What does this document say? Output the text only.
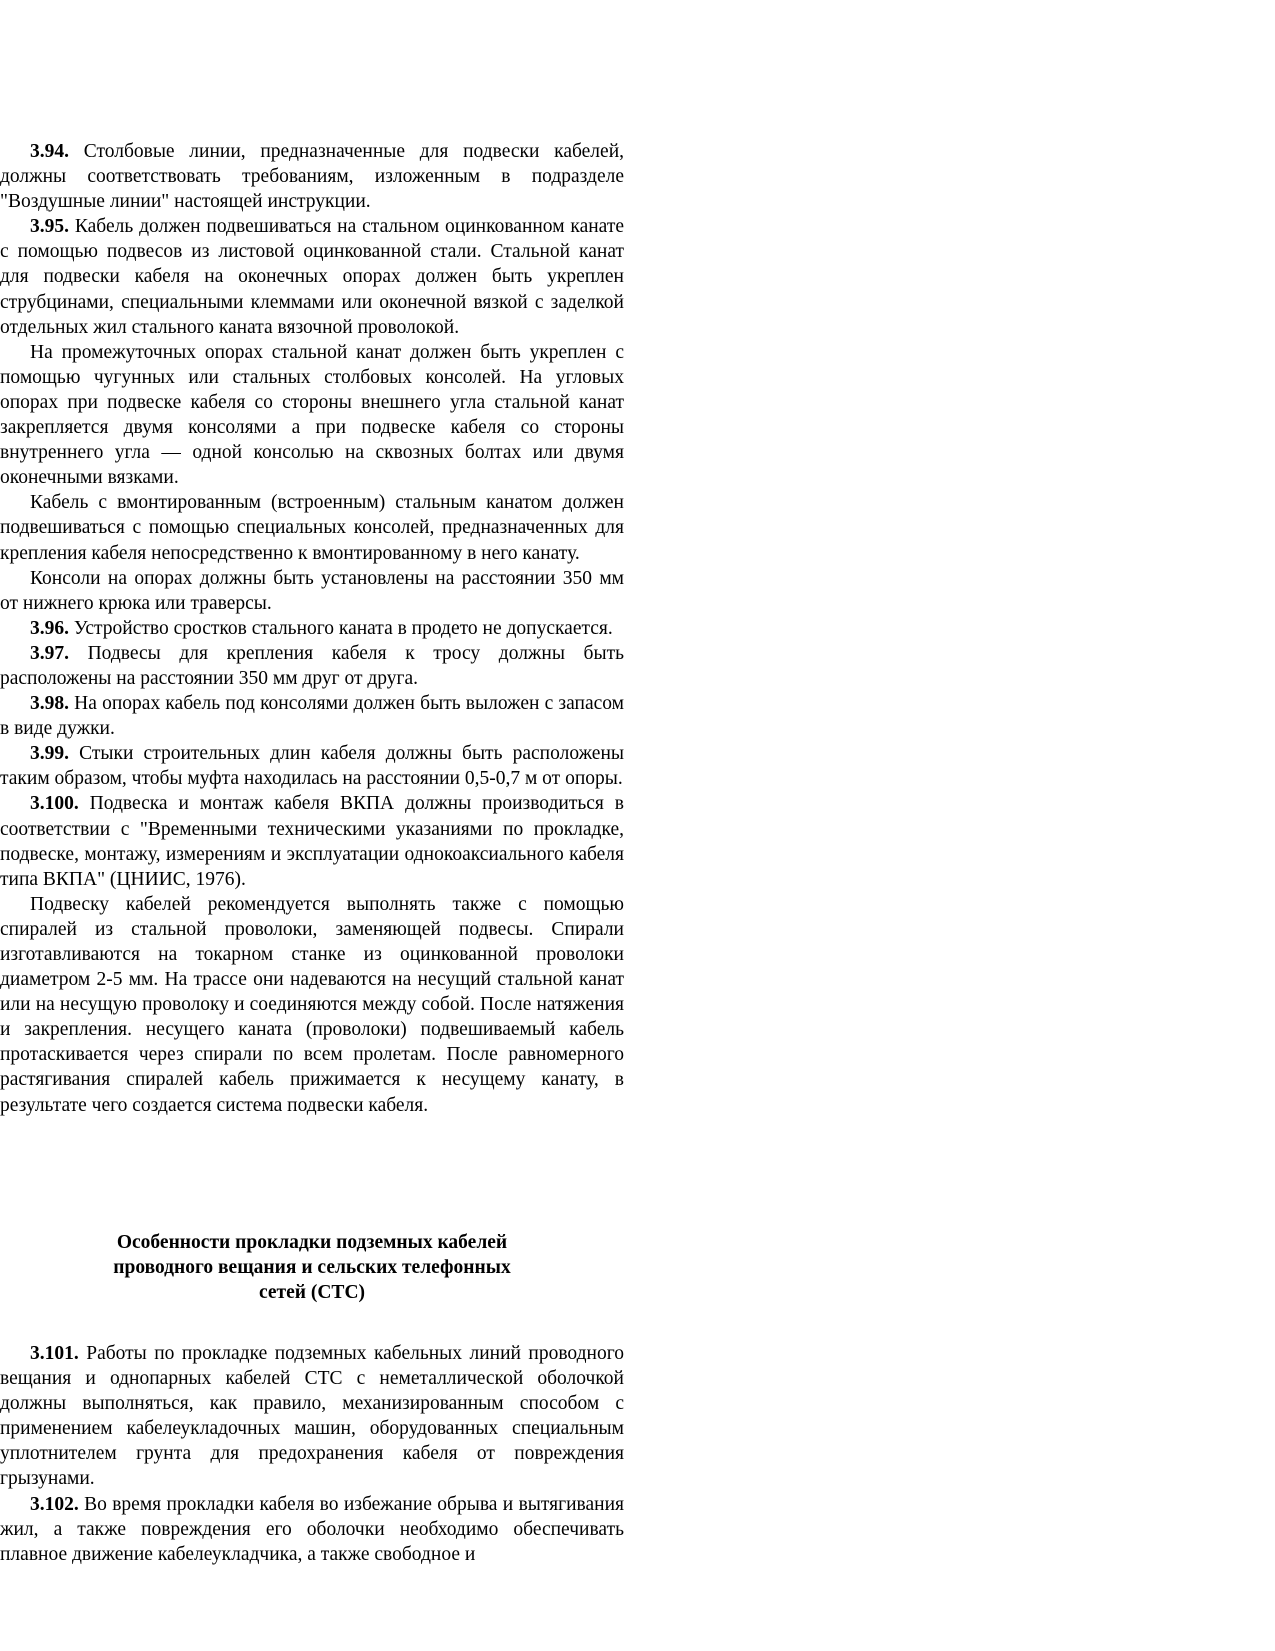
3.94. Столбовые линии, предназначенные для подвески кабелей, должны соответствовать требованиям, изложенным в подразделе "Воздушные линии" настоящей инструкции.

3.95. Кабель должен подвешиваться на стальном оцинкованном канате с помощью подвесов из листовой оцинкованной стали. Стальной канат для подвески кабеля на оконечных опорах должен быть укреплен струбцинами, специальными клеммами или оконечной вязкой с заделкой отдельных жил стального каната вязочной проволокой.

На промежуточных опорах стальной канат должен быть укреплен с помощью чугунных или стальных столбовых консолей. На угловых опорах при подвеске кабеля со стороны внешнего угла стальной канат закрепляется двумя консолями а при подвеске кабеля со стороны внутреннего угла — одной консолью на сквозных болтах или двумя оконечными вязками.

Кабель с вмонтированным (встроенным) стальным канатом должен подвешиваться с помощью специальных консолей, предназначенных для крепления кабеля непосредственно к вмонтированному в него канату.

Консоли на опорах должны быть установлены на расстоянии 350 мм от нижнего крюка или траверсы.

3.96. Устройство сростков стального каната в продето не допускается.

3.97. Подвесы для крепления кабеля к тросу должны быть расположены на расстоянии 350 мм друг от друга.

3.98. На опорах кабель под консолями должен быть выложен с запасом в виде дужки.

3.99. Стыки строительных длин кабеля должны быть расположены таким образом, чтобы муфта находилась на расстоянии 0,5-0,7 м от опоры.

3.100. Подвеска и монтаж кабеля ВКПА должны производиться в соответствии с "Временными техническими указаниями по прокладке, подвеске, монтажу, измерениям и эксплуатации однокоаксиального кабеля типа ВКПА" (ЦНИИС, 1976).

Подвеску кабелей рекомендуется выполнять также с помощью спиралей из стальной проволоки, заменяющей подвесы. Спирали изготавливаются на токарном станке из оцинкованной проволоки диаметром 2-5 мм. На трассе они надеваются на несущий стальной канат или на несущую проволоку и соединяются между собой. После натяжения и закрепления. несущего каната (проволоки) подвешиваемый кабель протаскивается через спирали по всем пролетам. После равномерного растягивания спиралей кабель прижимается к несущему канату, в результате чего создается система подвески кабеля.

Особенности прокладки подземных кабелей
проводного вещания и сельских телефонных
сетей (СТС)

3.101. Работы по прокладке подземных кабельных линий проводного вещания и однопарных кабелей СТС с неметаллической оболочкой должны выполняться, как правило, механизированным способом с применением кабелеукладочных машин, оборудованных специальным уплотнителем грунта для предохранения кабеля от повреждения грызунами.

3.102. Во время прокладки кабеля во избежание обрыва и вытягивания жил, а также повреждения его оболочки необходимо обеспечивать плавное движение кабелеукладчика, а также свободное и
